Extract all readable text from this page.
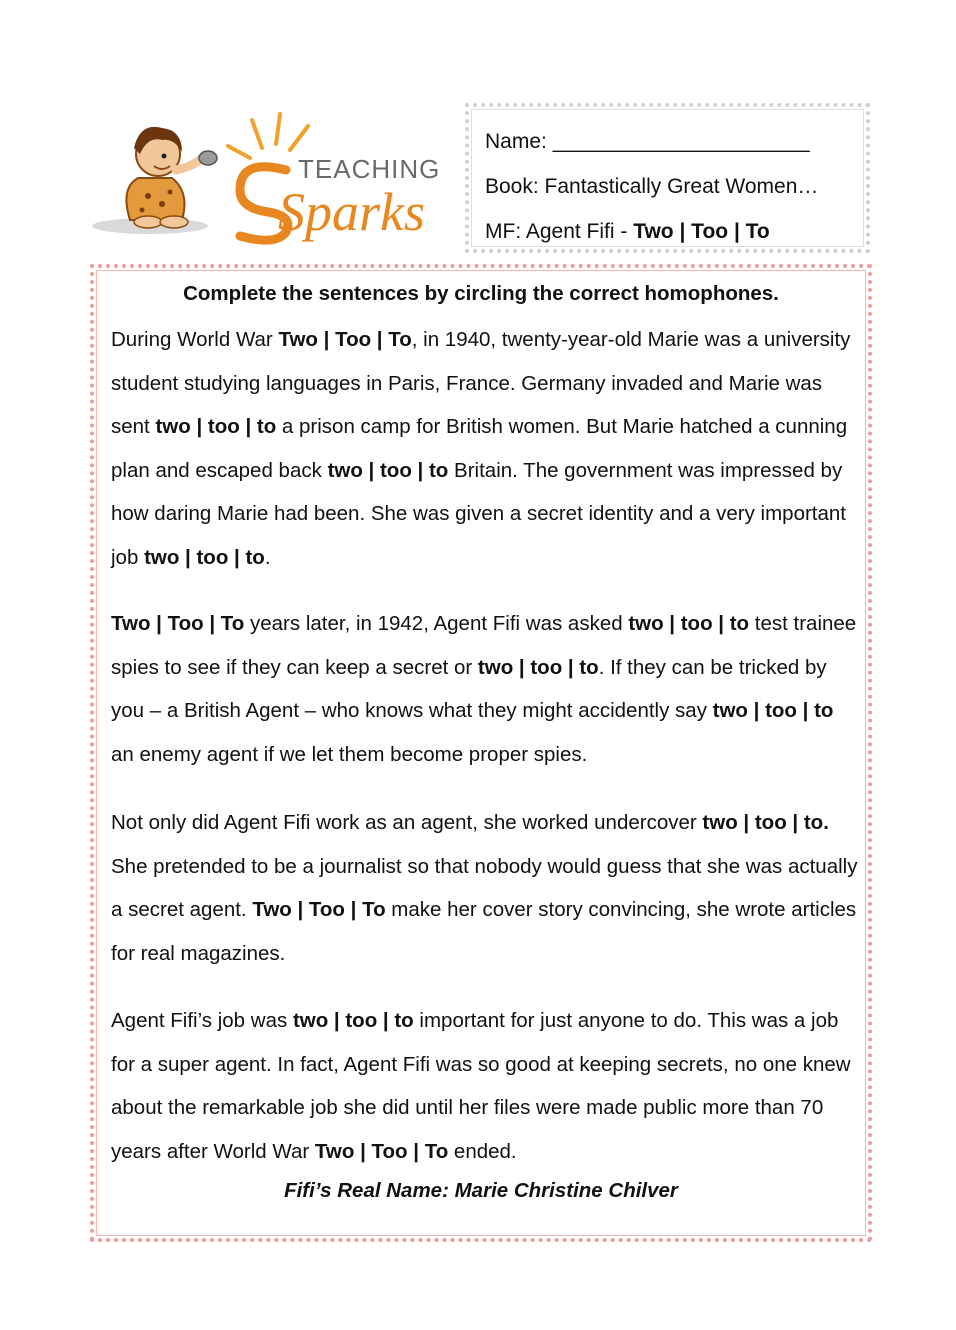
TEACHING
Sparks
Name: ______________________
Book: Fantastically Great Women…
MF: Agent Fifi - Two | Too | To
Complete the sentences by circling the correct homophones.

During World War Two | Too | To, in 1940, twenty-year-old Marie was a university student studying languages in Paris, France. Germany invaded and Marie was sent two | too | to a prison camp for British women. But Marie hatched a cunning plan and escaped back two | too | to Britain. The government was impressed by how daring Marie had been. She was given a secret identity and a very important job two | too | to.

Two | Too | To years later, in 1942, Agent Fifi was asked two | too | to test trainee spies to see if they can keep a secret or two | too | to. If they can be tricked by you – a British Agent – who knows what they might accidently say two | too | to an enemy agent if we let them become proper spies.

Not only did Agent Fifi work as an agent, she worked undercover two | too | to. She pretended to be a journalist so that nobody would guess that she was actually a secret agent. Two | Too | To make her cover story convincing, she wrote articles for real magazines.

Agent Fifi’s job was two | too | to important for just anyone to do. This was a job for a super agent. In fact, Agent Fifi was so good at keeping secrets, no one knew about the remarkable job she did until her files were made public more than 70 years after World War Two | Too | To ended.

Fifi’s Real Name: Marie Christine Chilver
